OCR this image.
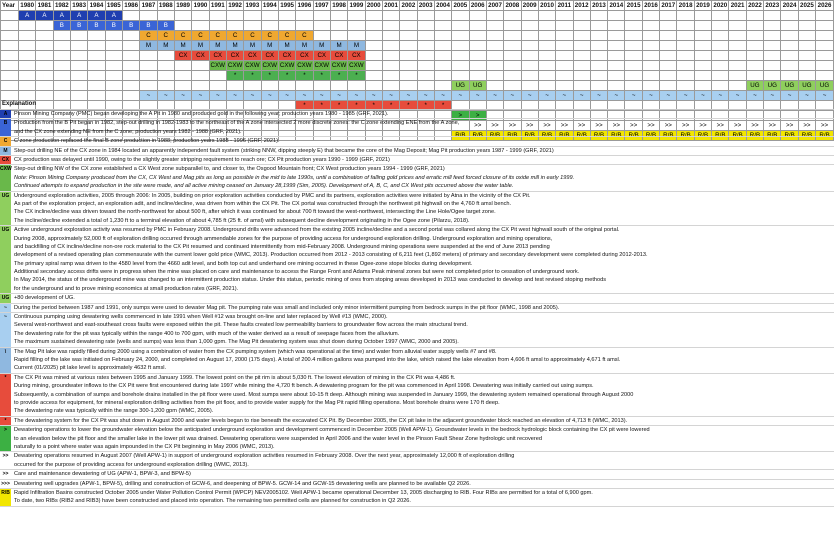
Year	1980	1981	1982	1983	1984	1985	1986	1987	1988	1989	1990	1991	1992	1993	1994	1995	1996	1997	1998	1999	2000	2001	2002	2003	2004	2005	2006	2007	2008	2009	2010	2011	2012	2013	2014	2015	2016	2017	2018	2019	2020	2021	2022	2023	2024	2025	2026
	A	A	A	A	A	A																																									
			B	B	B	B	B	B	B																																						
								C	C	C	C	C	C	C	C	C	C																														
								M	M	M	M	M	M	M	M	M	M	M	M	M																											
										CX	CX	CX	CX	CX	CX	CX	CX	CX	CX	CX																											
												CXW	CXW	CXW	CXW	CXW	CXW	CXW	CXW	CXW																											
													*	*	*	*	*	*	*	*																											
																										UG	UG																UG	UG	UG	UG	UG
								~	~	~	~	~	~	~	~	~	~	~	~	~	~	~	~	~	~	~	~	~	~	~	~	~	~	~	~	~	~	~	~	~	~	~	~	~	~	~	~
																	*	*	*	*	*	*	*	*	*																						
																										>	>																				
																											>>	>>	>>	>>	>>	>>	>>	>>	>>	>>	>>	>>	>>	>>	>>	>>	>>	>>	>>	>>	>>
																										R/B	R/B	R/B	R/B	R/B	R/B	R/B	R/B	R/B	R/B	R/B	R/B	R/B	R/B	R/B	R/B	R/B	R/B	R/B	R/B	R/B	R/B
Explanation
A	Pinson Mining Company (PMC) began developing the A Pit in 1980 and produced gold in the following year; production years 1980 - 1985 (GRF, 2021).
B	Production from the B Pit began in 1982, step-out drilling in 1982-1983 to the northeast of the A zone intersected 2 more discrete zones: the C zone extending ENE from the A zone,
and the CX zone extending NE from the C zone; production years 1982 - 1988 (GRF, 2021).
C	C zone production replaced the final B zone production in 1988; production years 1988 - 1996 (GRF, 2021).
M	Step-out drilling NE of the CX zone in 1984 located an apparently independent fault system (striking NNW, dipping steeply E) that became the core of the Mag Deposit; Mag Pit production years 1987 - 1999 (GRF, 2021)
CX CX production was delayed until 1990, owing to the slightly greater stripping requirement to reach ore; CX Pit production years 1990 - 1999 (GRF, 2021)
CXW Step-out drilling NW of the CX zone established a CX West zone subparallel to, and closer to, the Osgood Mountain front; CX West production years 1994 - 1999 (GRF, 2021)
Note: Pinson Mining Company produced from the CX, CX West and Mag pits as long as possible in the mid to late 1990s, until a combination of falling gold prices and erratic mill feed forced closure of its oxide mill in early 1999.
Continued attempts to expand production in the site were made, and all active mining ceased on January 28,1999 (Sim, 2005). Development of A, B, C, and CX West pits occurred above the water table.
UG Underground exploration activities, 2005 through 2006: In 2005, building on prior exploration activities conducted by PMC and its partners, exploration activities were initiated by Atna in the vicinity of the CX Pit.
As part of the exploration project, an exploration adit, and incline/decline, was driven from within the CX Pit. The CX portal was constructed through the northwest pit highwall on the 4,760 ft amsl bench.
The CX incline/decline was driven toward the north-northwest for about 500 ft, after which it was continued for about 700 ft toward the west-northwest, intersecting the Line Hole/Ogee target zone.
The incline/decline extended a total of 1,230 ft to a terminal elevation of about 4,785 ft (25 ft. of amsl) with subsequent decline development originating in the Ogee zone (Pilarzu, 2018).
UG Active underground exploration activity was resumed by PMC in February 2008. Underground drills were advanced from the existing 2005 incline/decline and a second portal was collared along the CX Pit west highwall south of the original portal.
During 2008, approximately 52,000 ft of exploration drilling occurred through ammendable zones for the purpose of providing access for underground exploration drilling. Underground exploration and mining operations,
and backfilling of CX incline/decline non-ore rock material to the CX Pit resumed and continued intermittently from mid-February 2008. Underground mining operations were suspended at the end of June 2013 pending
development of a revised operating plan commensurate with the current lower gold price (WMC, 2013). Production occurred from 2012 - 2013 consisting of 6,211 feet (1,892 meters) of primary and secondary development were completed during 2012-2013.
The primary spiral ramp was driven to the 4580 level from the 4660 adit level, and both top cut and underhand ore mining occurred in these Ogee-zone stope blocks during development.
Additional secondary access drifts were in progress when the mine was placed on care and maintenance to access the Range Front and Adams Peak mineral zones but were not completed prior to cessation of underground work.
In May 2014, the status of the underground mine was changed to an intermittent production status. Under this status, periodic mining of ores from stoping areas developed in 2013 was conducted to develop and test revised stoping methods
for the underground and to prove mining economics at small production rates (GRF, 2021).
UG +80 development of UG.
~	During the period between 1987 and 1991, only sumps were used to dewater Mag pit. The pumping rate was small and included only minor intermittent pumping from bedrock sumps in the pit floor (WMC, 1998 and 2005).
~	Continuous pumping using dewatering wells commenced in late 1991 when Well #12 was brought on-line and later replaced by Well #13 (WMC, 2000).
Several west-northwest and east-southeast cross faults were exposed within the pit. These faults created low permeability barriers to groundwater flow across the main structural trend.
The dewatering rate for the pit was typically within the range 400 to 700 gpm, with much of the water derived as a result of seepage faces from the alluvium.
The maximum sustained dewatering rate (wells and sumps) was less than 1,000 gpm. The Mag Pit dewatering system was shut down during October 1997 (WMC, 2000 and 2005).
\	The Mag Pit lake was rapidly filled during 2000 using a combination of water from the CX pumping system (which was operational at the time) and water from alluvial water supply wells #7 and #8.
Rapid filling of the lake was initiated on February 24, 2000, and completed on August 17, 2000 (175 days). A total of 200.4 million gallons was pumped into the lake, which raised the lake elevation from 4,606 ft amsl to approximately 4,671 ft amsl.
Current (01/2025) pit lake level is approximately 4632 ft amsl.
*	The CX Pit was mined at various rates between 1995 and January 1999. The lowest point on the pit rim is about 5,030 ft. The lowest elevation of mining in the CX Pit was 4,486 ft.
During mining, groundwater inflows to the CX Pit were first encountered during late 1997 while mining the 4,720 ft bench. A dewatering program for the pit was commenced in April 1998. Dewatering was initially carried out using sumps.
Subsequently, a combination of sumps and borehole drains installed in the pit floor were used. Most sumps were about 10-15 ft deep. Although mining was suspended in January 1999, the dewatering system remained operational through August 2000
to provide access for equipment, for mineral exploration drilling activities from the pit floor, and to provide water supply for the Mag Pit rapid filling operations. Most borehole drains were 170 ft deep.
The dewatering rate was typically within the range 300-1,200 gpm (WMC, 2005).
*	The dewatering system for the CX Pit was shut down in August 2000 and water levels began to rise beneath the excavated CX Pit. By December 2005, the CX pit lake in the adjacent groundwater block reached an elevation of 4,713 ft (WMC, 2013).
>	Dewatering operations to lower the groundwater elevation below the anticipated underground exploration and development commenced in December 2005 (Well APW-1). Groundwater levels in the bedrock hydrologic block containing the CX pit were lowered
to an elevation below the pit floor and the smaller lake in the lower pit was drained. Dewatering operations were suspended in April 2006 and the water level in the Pinson Fault Shear Zone hydrologic unit recovered
naturally to a point where water was again impounded in the CX Pit beginning in May 2006 (WMC, 2013).
>> Dewatering operations resumed in August 2007 (Well APW-1) in support of underground exploration activities resumed in February 2008. Over the next year, approximately 12,000 ft of exploration drilling
occurred for the purpose of providing access for underground exploration drilling (WMC, 2013).
>> Care and maintenance dewatering of UG (APW-1, BPW-3, and BPW-5)
>>> Dewatering well upgrades (APW-1, BPW-5), drilling and construction of GCW-6, and deepening of BPW-5. GCW-14 and GCW-15 dewatering wells are planned to be available Q2 2026.
R/B Rapid Infiltration Basins constructed October 2005 under Water Pollution Control Permit (WPCP) NEV2005102. Well APW-1 became operational December 13, 2005 discharging to RIB. Four RIBs are permitted for a total of 6,900 gpm.
To date, two RIBs (RIB2 and RIB3) have been constructed and placed into operation. The remaining two permitted cells are planned for construction in Q2 2026.
